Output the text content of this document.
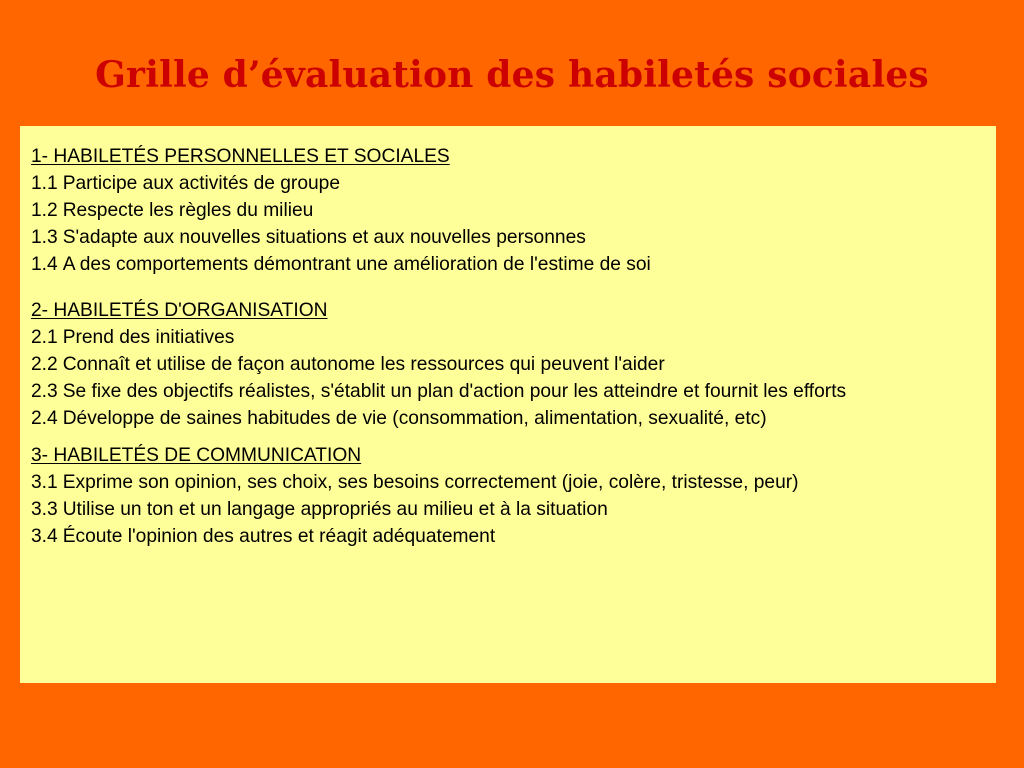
Grille d’évaluation des habiletés sociales
1- HABILETÉS PERSONNELLES ET SOCIALES
1.1 Participe aux activités de groupe
1.2 Respecte les règles du milieu
1.3 S'adapte aux nouvelles situations et aux nouvelles personnes
1.4 A des comportements démontrant une amélioration de l'estime de soi
2- HABILETÉS D'ORGANISATION
2.1 Prend des initiatives
2.2 Connaît et utilise de façon autonome les ressources qui peuvent l'aider
2.3 Se fixe des objectifs réalistes, s'établit un plan d'action pour les atteindre et fournit les efforts
2.4 Développe de saines habitudes de vie (consommation, alimentation, sexualité, etc)
3- HABILETÉS DE COMMUNICATION
3.1 Exprime son opinion, ses choix, ses besoins correctement (joie, colère, tristesse, peur)
3.3 Utilise un ton et un langage appropriés au milieu et à la situation
3.4 Écoute l'opinion des autres et réagit adéquatement
